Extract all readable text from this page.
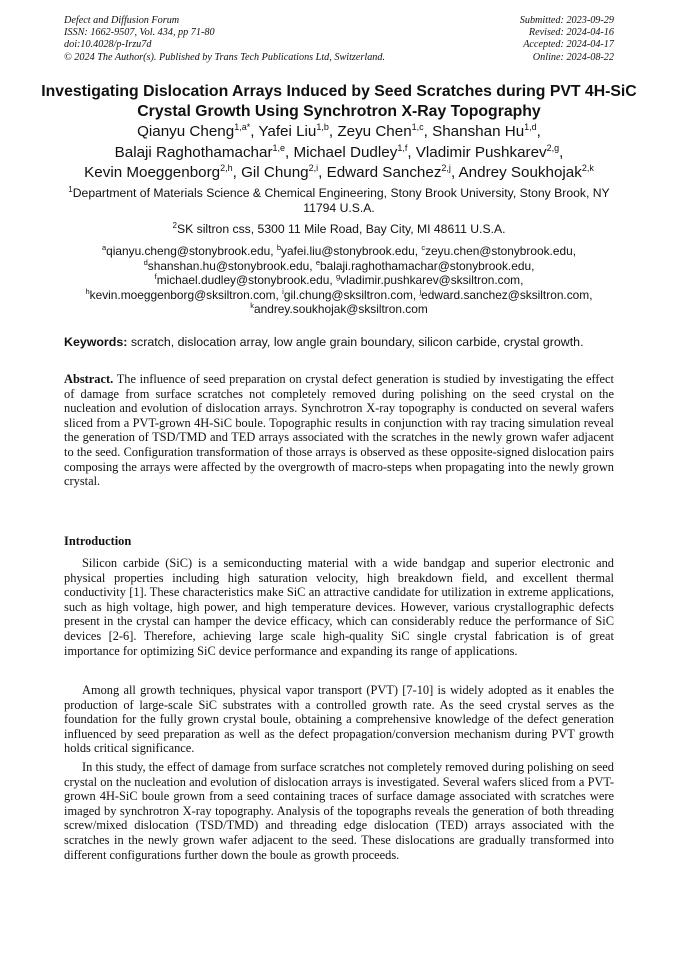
Defect and Diffusion Forum
ISSN: 1662-9507, Vol. 434, pp 71-80
doi:10.4028/p-Irzu7d
© 2024 The Author(s). Published by Trans Tech Publications Ltd, Switzerland.
Submitted: 2023-09-29
Revised: 2024-04-16
Accepted: 2024-04-17
Online: 2024-08-22
Investigating Dislocation Arrays Induced by Seed Scratches during PVT 4H-SiC Crystal Growth Using Synchrotron X-Ray Topography
Qianyu Cheng$^{1,a*}$, Yafei Liu$^{1,b}$, Zeyu Chen$^{1,c}$, Shanshan Hu$^{1,d}$,
Balaji Raghothamachar$^{1,e}$, Michael Dudley$^{1,f}$, Vladimir Pushkarev$^{2,g}$,
Kevin Moeggenborg$^{2,h}$, Gil Chung$^{2,i}$, Edward Sanchez$^{2,j}$, Andrey Soukhojak$^{2,k}$
$^1$Department of Materials Science & Chemical Engineering, Stony Brook University, Stony Brook, NY 11794 U.S.A.
$^2$SK siltron css, 5300 11 Mile Road, Bay City, MI 48611 U.S.A.
$^a$qianyu.cheng@stonybrook.edu, $^b$yafei.liu@stonybrook.edu, $^c$zeyu.chen@stonybrook.edu,
$^d$shanshan.hu@stonybrook.edu, $^e$balaji.raghothamachar@stonybrook.edu,
$^f$michael.dudley@stonybrook.edu, $^g$vladimir.pushkarev@sksiltron.com,
$^h$kevin.moeggenborg@sksiltron.com, $^i$gil.chung@sksiltron.com, $^j$edward.sanchez@sksiltron.com,
$^k$andrey.soukhojak@sksiltron.com
Keywords: scratch, dislocation array, low angle grain boundary, silicon carbide, crystal growth.
Abstract. The influence of seed preparation on crystal defect generation is studied by investigating the effect of damage from surface scratches not completely removed during polishing on the seed crystal on the nucleation and evolution of dislocation arrays. Synchrotron X-ray topography is conducted on several wafers sliced from a PVT-grown 4H-SiC boule. Topographic results in conjunction with ray tracing simulation reveal the generation of TSD/TMD and TED arrays associated with the scratches in the newly grown wafer adjacent to the seed. Configuration transformation of those arrays is observed as these opposite-signed dislocation pairs composing the arrays were affected by the overgrowth of macro-steps when propagating into the newly grown crystal.
Introduction
Silicon carbide (SiC) is a semiconducting material with a wide bandgap and superior electronic and physical properties including high saturation velocity, high breakdown field, and excellent thermal conductivity [1]. These characteristics make SiC an attractive candidate for utilization in extreme applications, such as high voltage, high power, and high temperature devices. However, various crystallographic defects present in the crystal can hamper the device efficacy, which can considerably reduce the performance of SiC devices [2-6]. Therefore, achieving large scale high-quality SiC single crystal fabrication is of great importance for optimizing SiC device performance and expanding its range of applications.
Among all growth techniques, physical vapor transport (PVT) [7-10] is widely adopted as it enables the production of large-scale SiC substrates with a controlled growth rate. As the seed crystal serves as the foundation for the fully grown crystal boule, obtaining a comprehensive knowledge of the defect generation influenced by seed preparation as well as the defect propagation/conversion mechanism during PVT growth holds critical significance.
In this study, the effect of damage from surface scratches not completely removed during polishing on seed crystal on the nucleation and evolution of dislocation arrays is investigated. Several wafers sliced from a PVT-grown 4H-SiC boule grown from a seed containing traces of surface damage associated with scratches were imaged by synchrotron X-ray topography. Analysis of the topographs reveals the generation of both threading screw/mixed dislocation (TSD/TMD) and threading edge dislocation (TED) arrays associated with the scratches in the newly grown wafer adjacent to the seed. These dislocations are gradually transformed into different configurations further down the boule as growth proceeds.
